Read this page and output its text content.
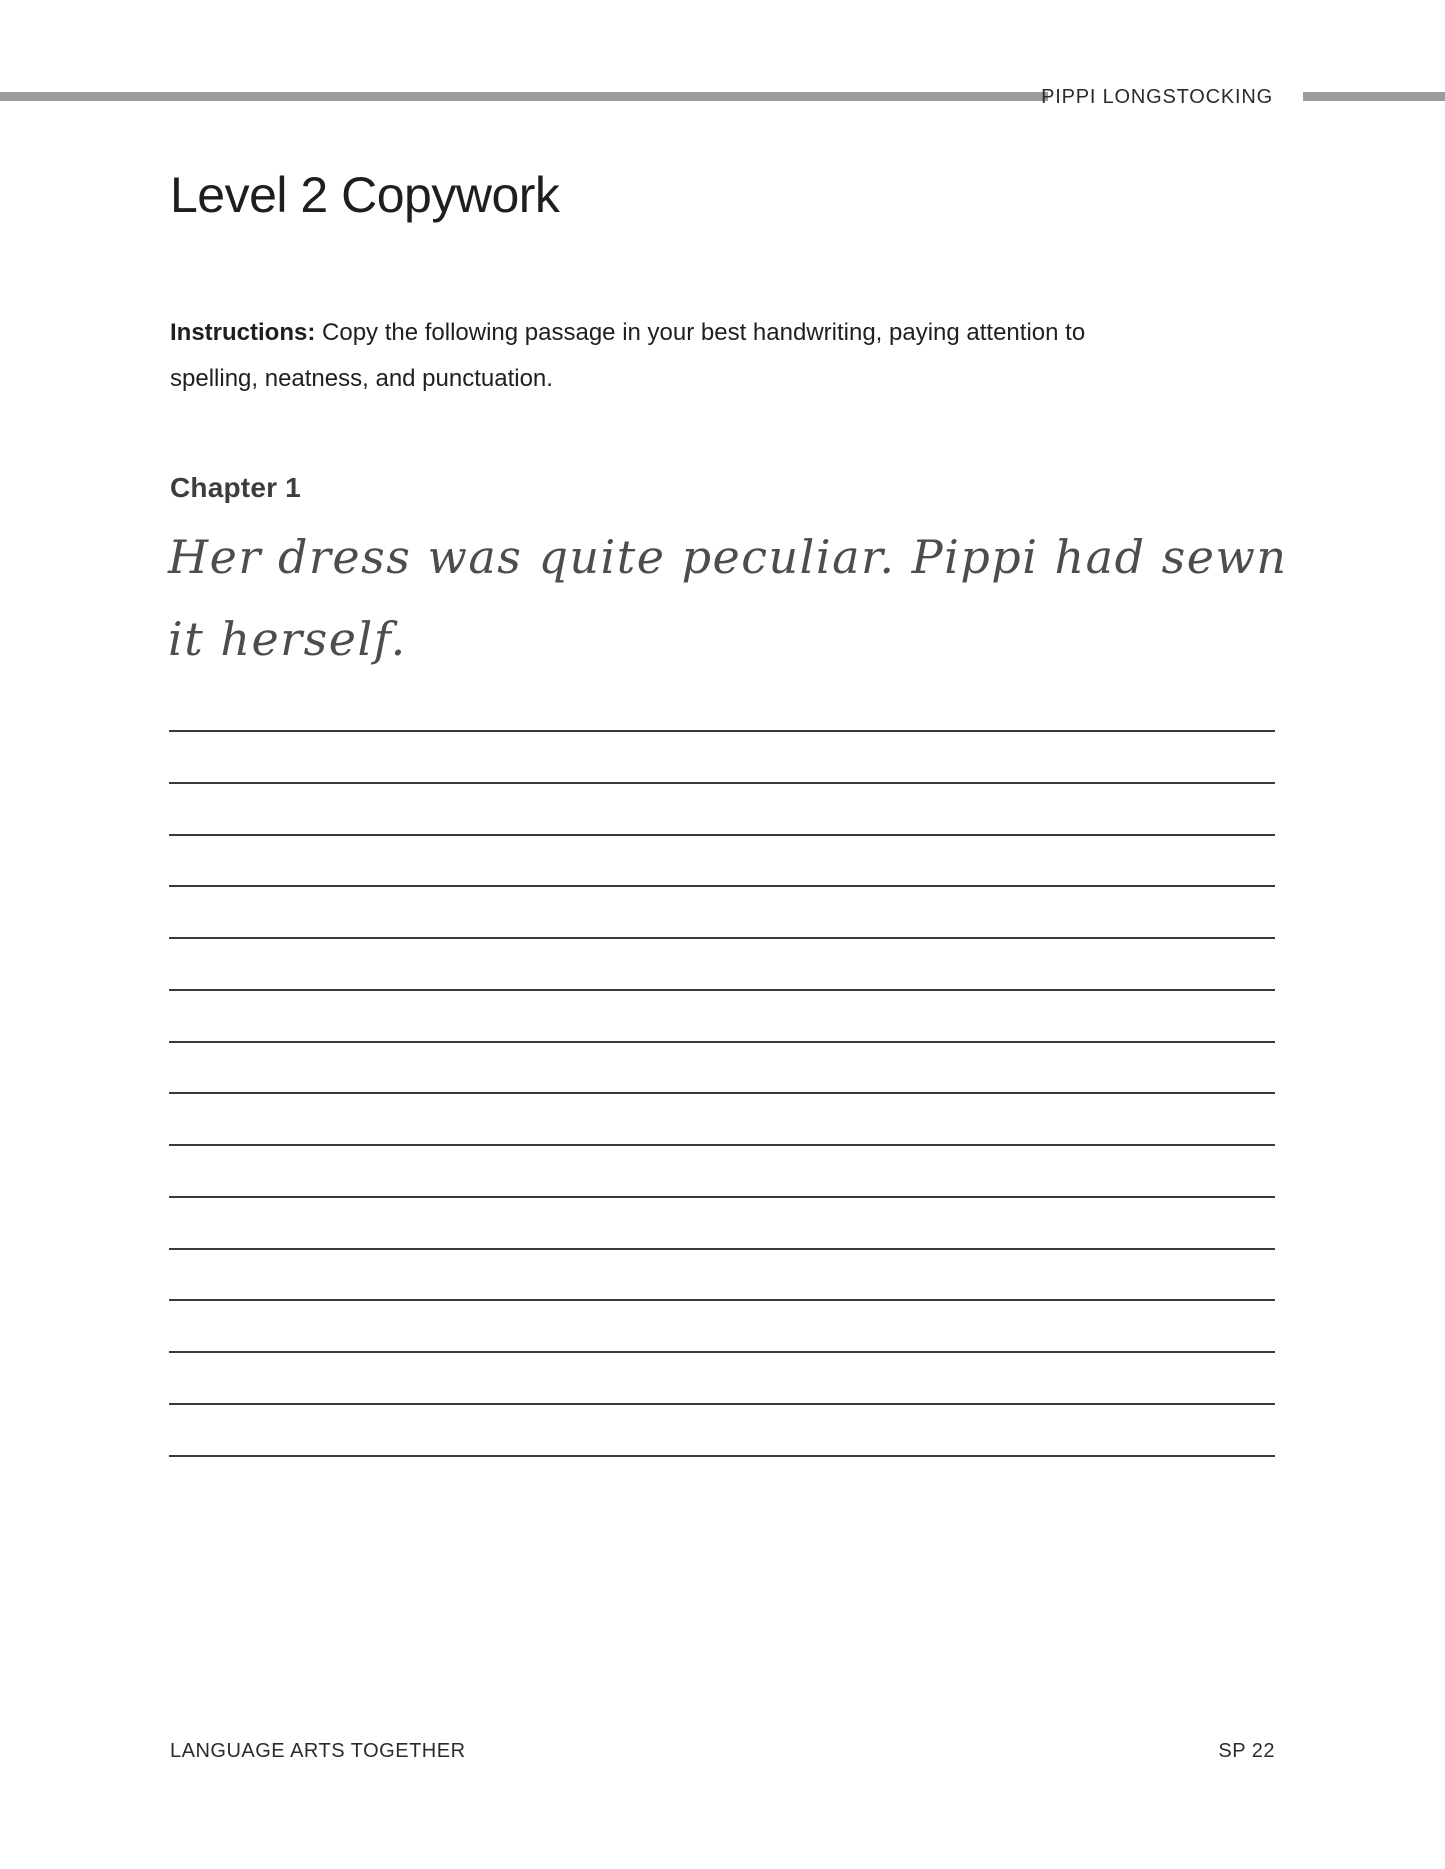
PIPPI LONGSTOCKING
Level 2 Copywork

Instructions: Copy the following passage in your best handwriting, paying attention to
spelling, neatness, and punctuation.

Chapter 1

Her dress was quite peculiar. Pippi had sewn
it herself.

LANGUAGE ARTS TOGETHER	SP 22
